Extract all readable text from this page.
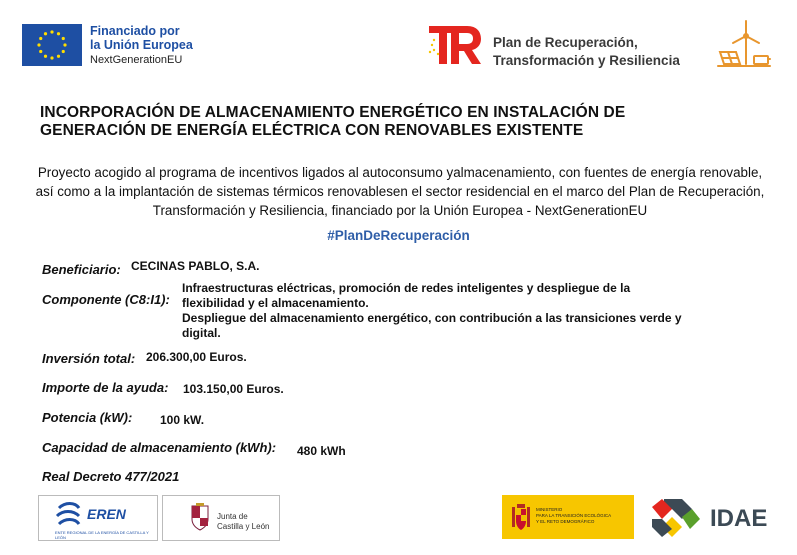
Financiado por
la Unión Europea
NextGenerationEU
Plan de Recuperación,
Transformación y Resiliencia
INCORPORACIÓN DE ALMACENAMIENTO ENERGÉTICO EN INSTALACIÓN DE
GENERACIÓN DE ENERGÍA ELÉCTRICA CON RENOVABLES EXISTENTE

Proyecto acogido al programa de incentivos ligados al autoconsumo yalmacenamiento, con fuentes de energía renovable, así como a la implantación de sistemas térmicos renovablesen el sector residencial en el marco del Plan de Recuperación, Transformación y Resiliencia, financiado por la Unión Europea - NextGenerationEU

#PlanDeRecuperación
Beneficiario: CECINAS PABLO, S.A.
Componente (C8:I1):
Infraestructuras eléctricas, promoción de redes inteligentes y despliegue de la
flexibilidad y el almacenamiento.
Despliegue del almacenamiento energético, con contribución a las transiciones verde y
digital.
Inversión total: 206.300,00 Euros.
Importe de la ayuda: 103.150,00 Euros.
Potencia (kW): 100 kW.
Capacidad de almacenamiento (kWh): 480 kWh
Real Decreto 477/2021
EREN
ENTE REGIONAL DE LA ENERGÍA DE CASTILLA Y LEÓN
Junta de
Castilla y León
MINISTERIO
PARA LA TRANSICIÓN ECOLÓGICA
Y EL RETO DEMOGRÁFICO	IDAE
